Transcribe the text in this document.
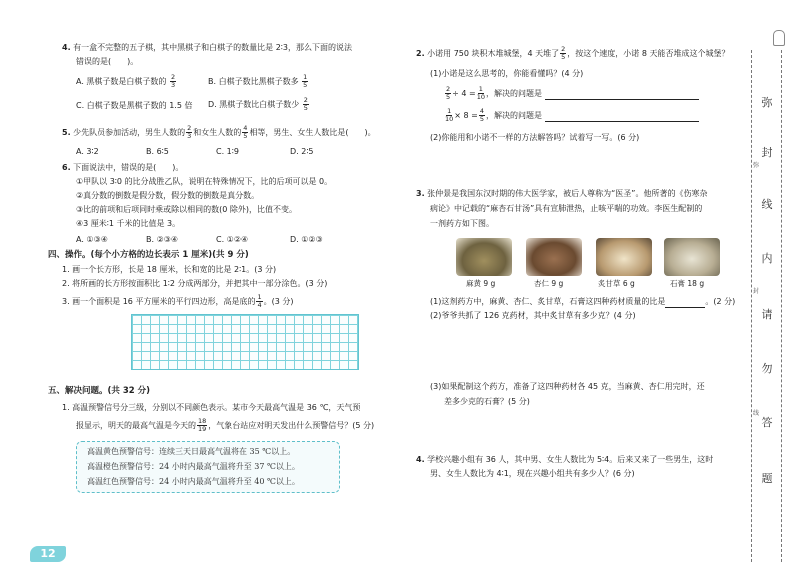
4. 有一盒不完整的五子棋，其中黑棋子和白棋子的数量比是 2∶3，那么下面的说法
错误的是(　　)。
A. 黑棋子数是白棋子数的 $\frac{2}{3}$	B. 白棋子数比黑棋子数多 $\frac{1}{5}$
C. 白棋子数是黑棋子数的 1.5 倍 D. 黑棋子数比白棋子数少 $\frac{2}{5}$
5. 少先队员参加活动，男生人数的 $\frac{2}{3}$ 和女生人数的 $\frac{4}{5}$ 相等，男生、女生人数比是(　　)。
A. 3∶2	B. 6∶5	C. 1∶9	D. 2∶5
6. 下面说法中，错误的是(　　)。
①甲队以 3∶0 的比分战胜乙队，说明在特殊情况下，比的后项可以是 0。
②真分数的倒数是假分数，假分数的倒数是真分数。
③比的前项和后项同时乘或除以相同的数(0 除外)，比值不变。
④3 厘米∶1 千米的比值是 3。
A. ①③④	B. ②③④	C. ①②④	D. ①②③
四、操作。(每个小方格的边长表示 1 厘米)(共 9 分)
1. 画一个长方形，长是 18 厘米，长和宽的比是 2∶1。(3 分)
2. 将所画的长方形按面积比 1∶2 分成两部分，并把其中一部分涂色。(3 分)
3. 画一个面积是 16 平方厘米的平行四边形，高是底的 $\frac{1}{4}$ 。(3 分)
五、解决问题。(共 32 分)
1. 高温预警信号分三级，分别以不同颜色表示。某市今天最高气温是 36 ℃，天气预
报显示，明天的最高气温是今天的 $\frac{18}{19}$ ，气象台站应对明天发出什么预警信号？(5 分)
高温黄色预警信号：连续三天日最高气温将在 35 ℃以上。
高温橙色预警信号：24 小时内最高气温将升至 37 ℃以上。
高温红色预警信号：24 小时内最高气温将升至 40 ℃以上。
12
2. 小诺用 750 块积木堆城堡，4 天堆了 $\frac{2}{5}$ ，按这个速度，小诺 8 天能否堆成这个城堡？
(1)小诺是这么思考的，你能看懂吗？(4 分)
$\frac{2}{5} \div 4 = \frac{1}{10}$ ，解决的问题是
$\frac{1}{10} \times 8 = \frac{4}{5}$ ，解决的问题是
(2)你能用和小诺不一样的方法解答吗？试着写一写。(6 分)
3. 张仲景是我国东汉时期的伟大医学家，被后人尊称为“医圣”。他所著的《伤寒杂
病论》中记载的“麻杏石甘汤”具有宣肺泄热，止咳平喘的功效。李医生配制的
一剂药方如下图。
麻黄 9 g	杏仁 9 g	炙甘草 6 g	石膏 18 g
(1)这剂药方中，麻黄、杏仁、炙甘草，石膏这四种药材质量的比是	。(2 分)
(2)爷爷共抓了 126 克药材，其中炙甘草有多少克？(4 分)
(3)如果配制这个药方，准备了这四种药材各 45 克，当麻黄、杏仁用完时，还
差多少克的石膏？(5 分)
4. 学校兴趣小组有 36 人，其中男、女生人数比为 5∶4。后来又来了一些男生，这时
男、女生人数比为 4∶1，现在兴趣小组共有多少人？(6 分)
弥
封
线
内
请
勿
答
题
弥
封
线
